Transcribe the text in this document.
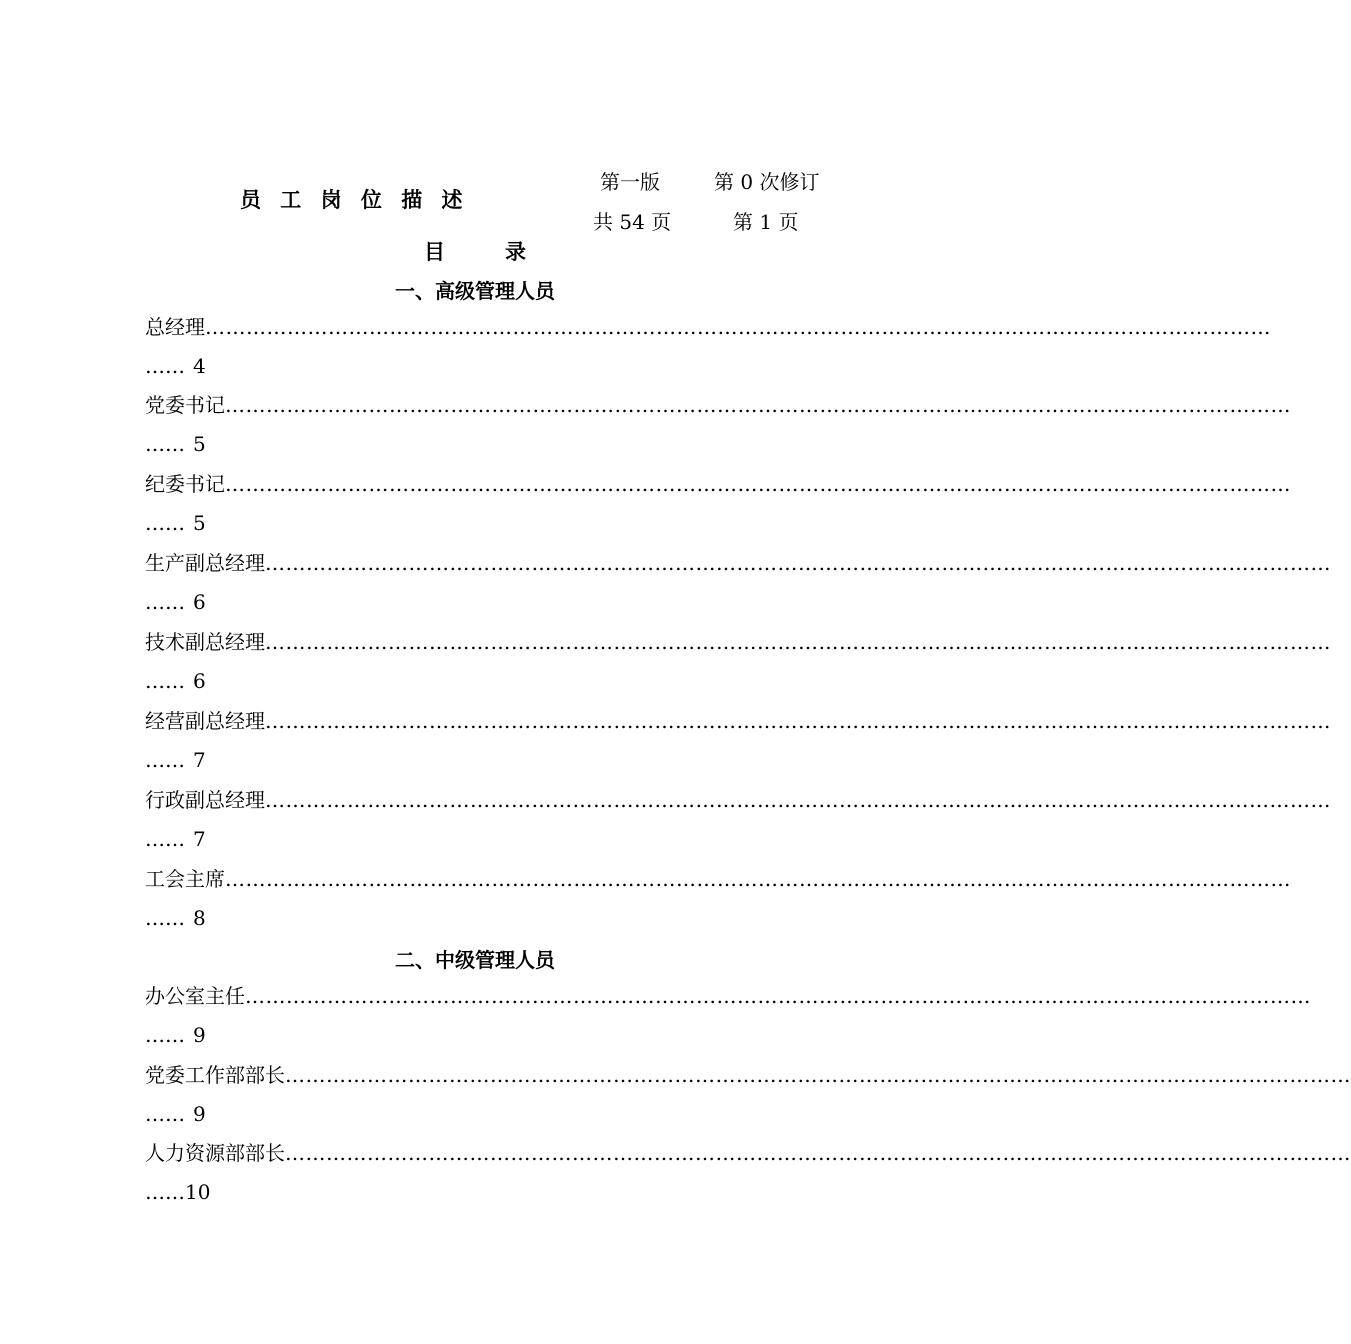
员 工 岗 位 描 述
第一版	第 0 次修订
共 54 页	第 1 页
目	录
一、高级管理人员
总经理 …………………………………………………………………………………………………………………………………………
…… 4
党委书记 …………………………………………………………………………………………………………………………………………
…… 5
纪委书记 …………………………………………………………………………………………………………………………………………
…… 5
生产副总经理 …………………………………………………………………………………………………………………………………………
…… 6
技术副总经理 …………………………………………………………………………………………………………………………………………
…… 6
经营副总经理 …………………………………………………………………………………………………………………………………………
…… 7
行政副总经理 …………………………………………………………………………………………………………………………………………
…… 7
工会主席 …………………………………………………………………………………………………………………………………………
…… 8
二、中级管理人员
办公室主任 …………………………………………………………………………………………………………………………………………
…… 9
党委工作部部长 …………………………………………………………………………………………………………………………………………
…… 9
人力资源部部长 …………………………………………………………………………………………………………………………………………
……10
